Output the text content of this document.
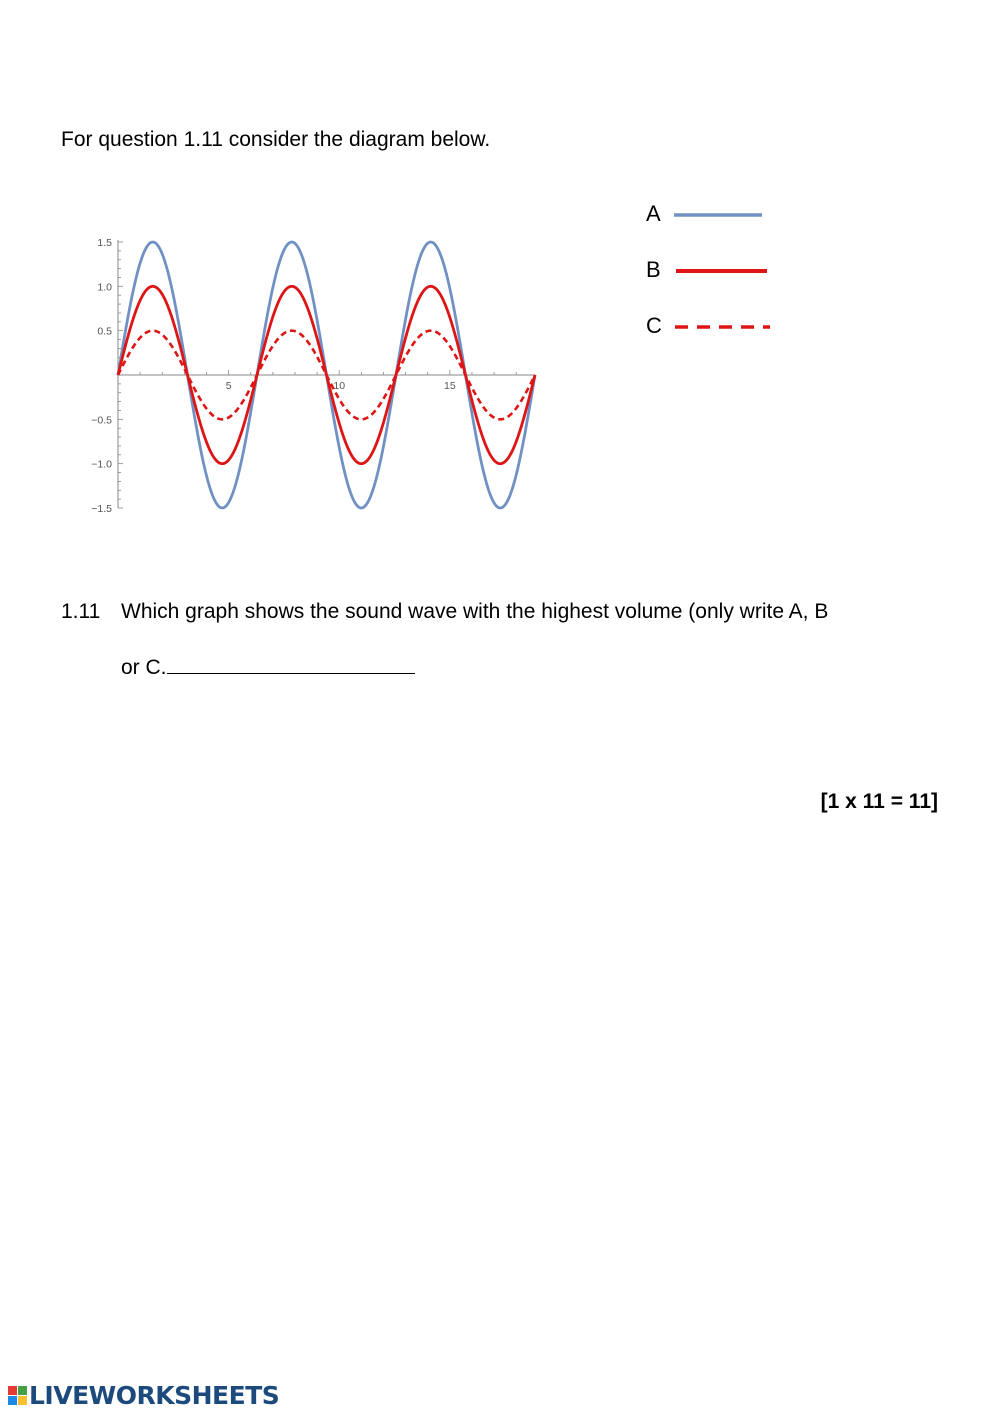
For question 1.11 consider the diagram below.
1.5
1.0
0.5
−0.5
−1.0
−1.5
5	10	15
A
B
C
1.11 Which graph shows the sound wave with the highest volume (only write A, B
or C.
[1 x 11 = 11]
LIVEWORKSHEETS
